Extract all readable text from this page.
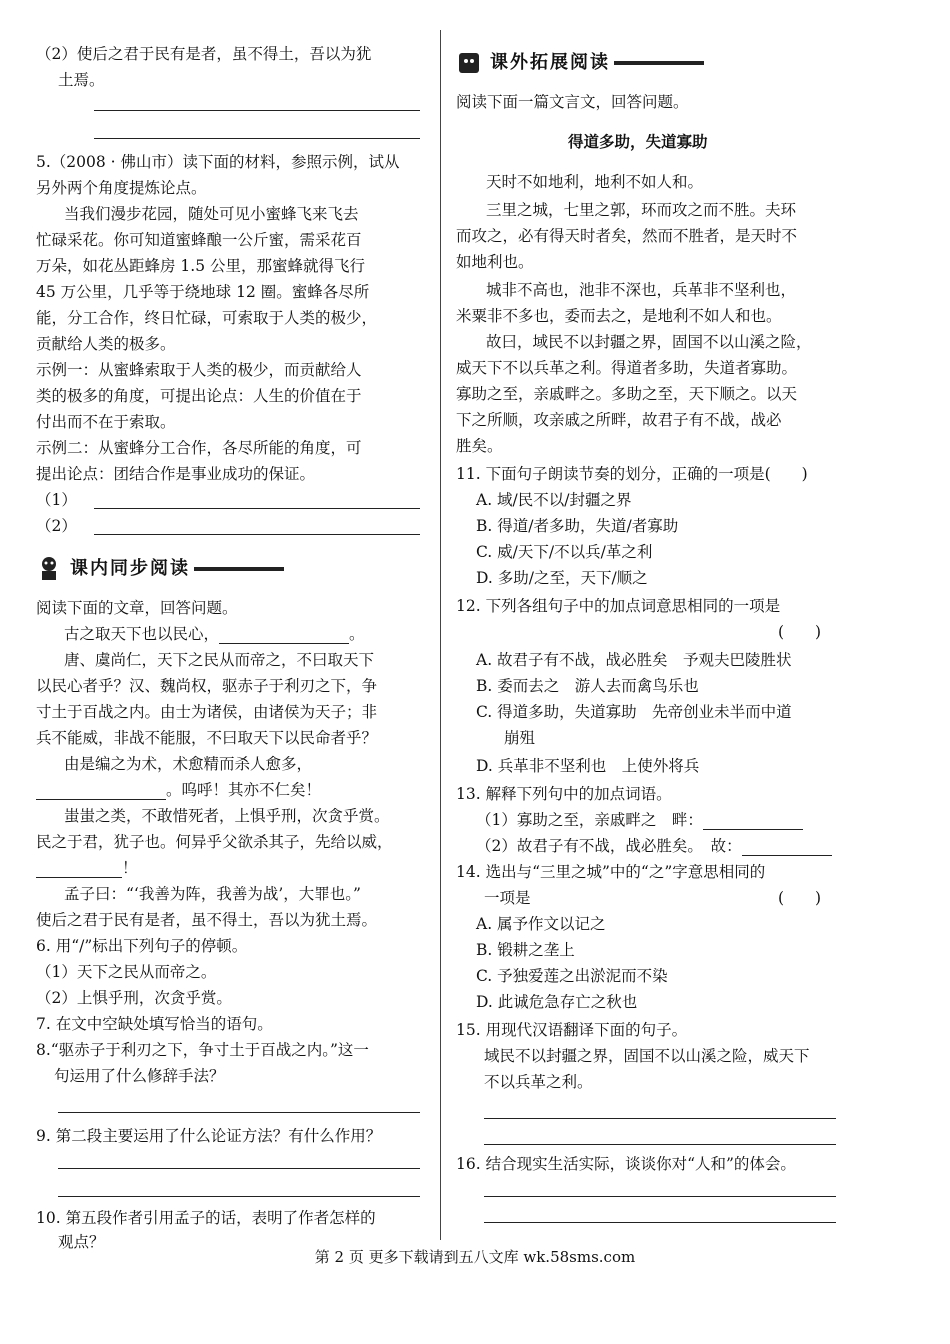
（2）使后之君于民有是者，虽不得土，吾以为犹
土焉。
5.（2008 · 佛山市）读下面的材料，参照示例，试从
另外两个角度提炼论点。
当我们漫步花园，随处可见小蜜蜂飞来飞去
忙碌采花。你可知道蜜蜂酿一公斤蜜，需采花百
万朵，如花丛距蜂房 1.5 公里，那蜜蜂就得飞行
45 万公里，几乎等于绕地球 12 圈。蜜蜂各尽所
能，分工合作，终日忙碌，可索取于人类的极少，
贡献给人类的极多。
示例一：从蜜蜂索取于人类的极少，而贡献给人
类的极多的角度，可提出论点：人生的价值在于
付出而不在于索取。
示例二：从蜜蜂分工合作，各尽所能的角度，可
提出论点：团结合作是事业成功的保证。
（1）
（2）
课内同步阅读
阅读下面的文章，回答问题。
古之取天下也以民心，	。
唐、虞尚仁，天下之民从而帝之，不曰取天下
以民心者乎？汉、魏尚权，驱赤子于利刃之下，争
寸土于百战之内。由士为诸侯，由诸侯为天子；非
兵不能威，非战不能服，不曰取天下以民命者乎？
由是编之为术，术愈精而杀人愈多，
。呜呼！其亦不仁矣！
蚩蚩之类，不敢惜死者，上惧乎刑，次贪乎赏。
民之于君，犹子也。何异乎父欲杀其子，先给以威，
！
孟子曰：“‘我善为阵，我善为战’，大罪也。”
使后之君于民有是者，虽不得土，吾以为犹土焉。
6. 用“/”标出下列句子的停顿。
（1）天下之民从而帝之。
（2）上惧乎刑，次贪乎赏。
7. 在文中空缺处填写恰当的语句。
8.“驱赤子于利刃之下，争寸土于百战之内。”这一
句运用了什么修辞手法？
9. 第二段主要运用了什么论证方法？有什么作用？
10. 第五段作者引用孟子的话，表明了作者怎样的
观点？
课外拓展阅读
阅读下面一篇文言文，回答问题。
得道多助，失道寡助
天时不如地利，地利不如人和。
三里之城，七里之郭，环而攻之而不胜。夫环
而攻之，必有得天时者矣，然而不胜者，是天时不
如地利也。
城非不高也，池非不深也，兵革非不坚利也，
米粟非不多也，委而去之，是地利不如人和也。
故曰，域民不以封疆之界，固国不以山溪之险，
威天下不以兵革之利。得道者多助，失道者寡助。
寡助之至，亲戚畔之。多助之至，天下顺之。以天
下之所顺，攻亲戚之所畔，故君子有不战，战必
胜矣。
11. 下面句子朗读节奏的划分，正确的一项是(　　)
A. 域/民不以/封疆之界
B. 得道/者多助，失道/者寡助
C. 威/天下/不以兵/革之利
D. 多助/之至，天下/顺之
12. 下列各组句子中的加点词意思相同的一项是
(　　)
A. 故君子有不战，战必胜矣　予观夫巴陵胜状
B. 委而去之　游人去而禽鸟乐也
C. 得道多助，失道寡助　先帝创业未半而中道
崩殂
D. 兵革非不坚利也　上使外将兵
13. 解释下列句中的加点词语。
（1）寡助之至，亲戚畔之　畔：
（2）故君子有不战，战必胜矣。　故：
14. 选出与“三里之城”中的“之”字意思相同的
一项是	(　　)
A. 属予作文以记之
B. 锻耕之垄上
C. 予独爱莲之出淤泥而不染
D. 此诚危急存亡之秋也
15. 用现代汉语翻译下面的句子。
域民不以封疆之界，固国不以山溪之险，威天下
不以兵革之利。
16. 结合现实生活实际，谈谈你对“人和”的体会。
第 2 页 更多下载请到五八文库 wk.58sms.com
